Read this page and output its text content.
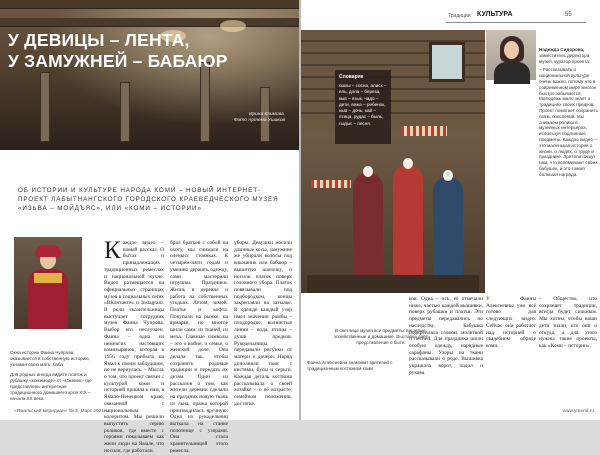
У ДЕВИЦЫ – ЛЕНТА,
У ЗАМУЖНЕЙ – БАБАЮР
Ирина Климова,
Фото Артема Ушаков
ОБ ИСТОРИИ И КУЛЬТУРЕ НАРОДА КОМИ – НОВЫЙ ИНТЕРНЕТ-ПРОЕКТ ЛАБЫТНАНГСКОГО ГОРОДСКОГО КРАЕВЕДЧЕСКОГО МУЗЕЯ «ИЗЬВА – МОЙДЪЯС», ИЛИ «КОМИ – ИСТОРИИ»
Окна истории Фаина Чупрова оказывается в собственную историю, узнавая свою мать, баба.
Для родных иногда видите платок и рубашку «комимоде» от «Ижевек» где представлены интересная традиционного домашнего кроя XIX – начала XX века.
Каждое видео – новый рассказ. О бытах и принадлежащих традиционных ремеслах и национальной кухне. Видео размещается на официальных страницах музея в социальных сетях «ВКонтакте» и Instagram. В роли сказительницы выступает сотрудник музея Фаина Чупрова. Выбор его неслучаен. Фаина – одна из немногих настоящих комизырянок, которая в 1956 году прибыла на Ямал к своим заблудшим, но не вернулась. – Мысль о том, что проект связан с культурой коми и историей пришла к нам, в Ямало-Ненецком краю, связанной с национальным колоритом. Мы решили выпустить серию роликов, где вместе с героями показываем как жили люди на Ямале, что носили, где работали.
брал братьев с собой на охоту, мы снимали на оленьих стоянках. К четырём-пяти годам и умению держать одежду, сами мастерили игрушки. Праздники. Жизнь в деревне и работа на собственных угодьях. Летом, зимой. Платье и кофта. Покупали на рынке, на ярмарке, но многое шили сами: из тканей, из меха. Главные символы – это о войне, о семье, о женской доле. Она делала так, чтобы сохранить родовые традиции и передать их детям. Один из рассказов о том, как жители деревни сделали на праздник новую ткань из льна, пряжа которой производилась вручную. Одна из рукодельниц выткала на станке полотенце с узорами. Она стала хранительницей этого ремесла.
уборы. Девушки носили длинные косы, замужние же убирали волосы под кокошник или бабаюр – вышитую шапочку, и носили платок поверх головного убора. Платок повязывали под подбородком, концы закрепляли на затылке. В одежде каждый узор имел значение: ромбы – плодородие, волнистые линии – вода, птицы – души предков. Рукодельницы передавали рисунки от матери к дочери. Наряд дополняли пояс с кистями, бусы и серьги. Каждая деталь костюма рассказывала о своей хозяйке – о её возрасте, семейном положении, достатке.
«Ямальский меридиан» № 3, Март 2021 г.
Традиции КУЛЬТУРА	55
Словарик
ошкы – сосна, алиск – ель, дэла – береза, кыв – язык, чадо – дети, вежа – ребенок, ныв – дочь, кай – птица, рудас – быль, гыдыс – песня.
Надежда Сидорова,
заместитель директора музея, куратор проекта:
– Рассказывать о национальной культуре очень важно, потому что в современном мире многое быстро забывается. Молодёжь мало знает о традициях своих предков. Проект помогает сохранить связь поколений. Мы снимаем ролики в музейных интерьерах, используя подлинные предметы. Каждое видео – это маленькая история о жизни, о людях, о труде и празднике. Зрители пишут нам, что вспоминают своих бабушек, и это самая большая награда.
ков. Одна – ось, её отмечали ниже, частью каждой вышивки, поверх рубашки и платья. Эти предметы передавались по наследству. Бабушка подкрепляла словом, молитвой и песней. Для праздника шили особую одежду, нарядные сарафаны. Узоры на ткани рассказывали о роде. Вышивка украшала ворот, подол и рукава.
У Фаины Алексеевны уже всё готово для следующих видео. Сейчас она работает над историей о свадебном обряде коми.
– Общество, что сохраняет традиции, всегда будет сильным. Мы хотим, чтобы наши дети знали, кто они и откуда, а для этого нужны такие проекты, как «Коми – истории».
В светлице музея все предметы: вещевые, хозяйственные и домашние. Выставка даёт представление о быте.
Фаина Алексеевна знакомит зрителей с традиционным костюмом коми.
www.ymerid.ru
